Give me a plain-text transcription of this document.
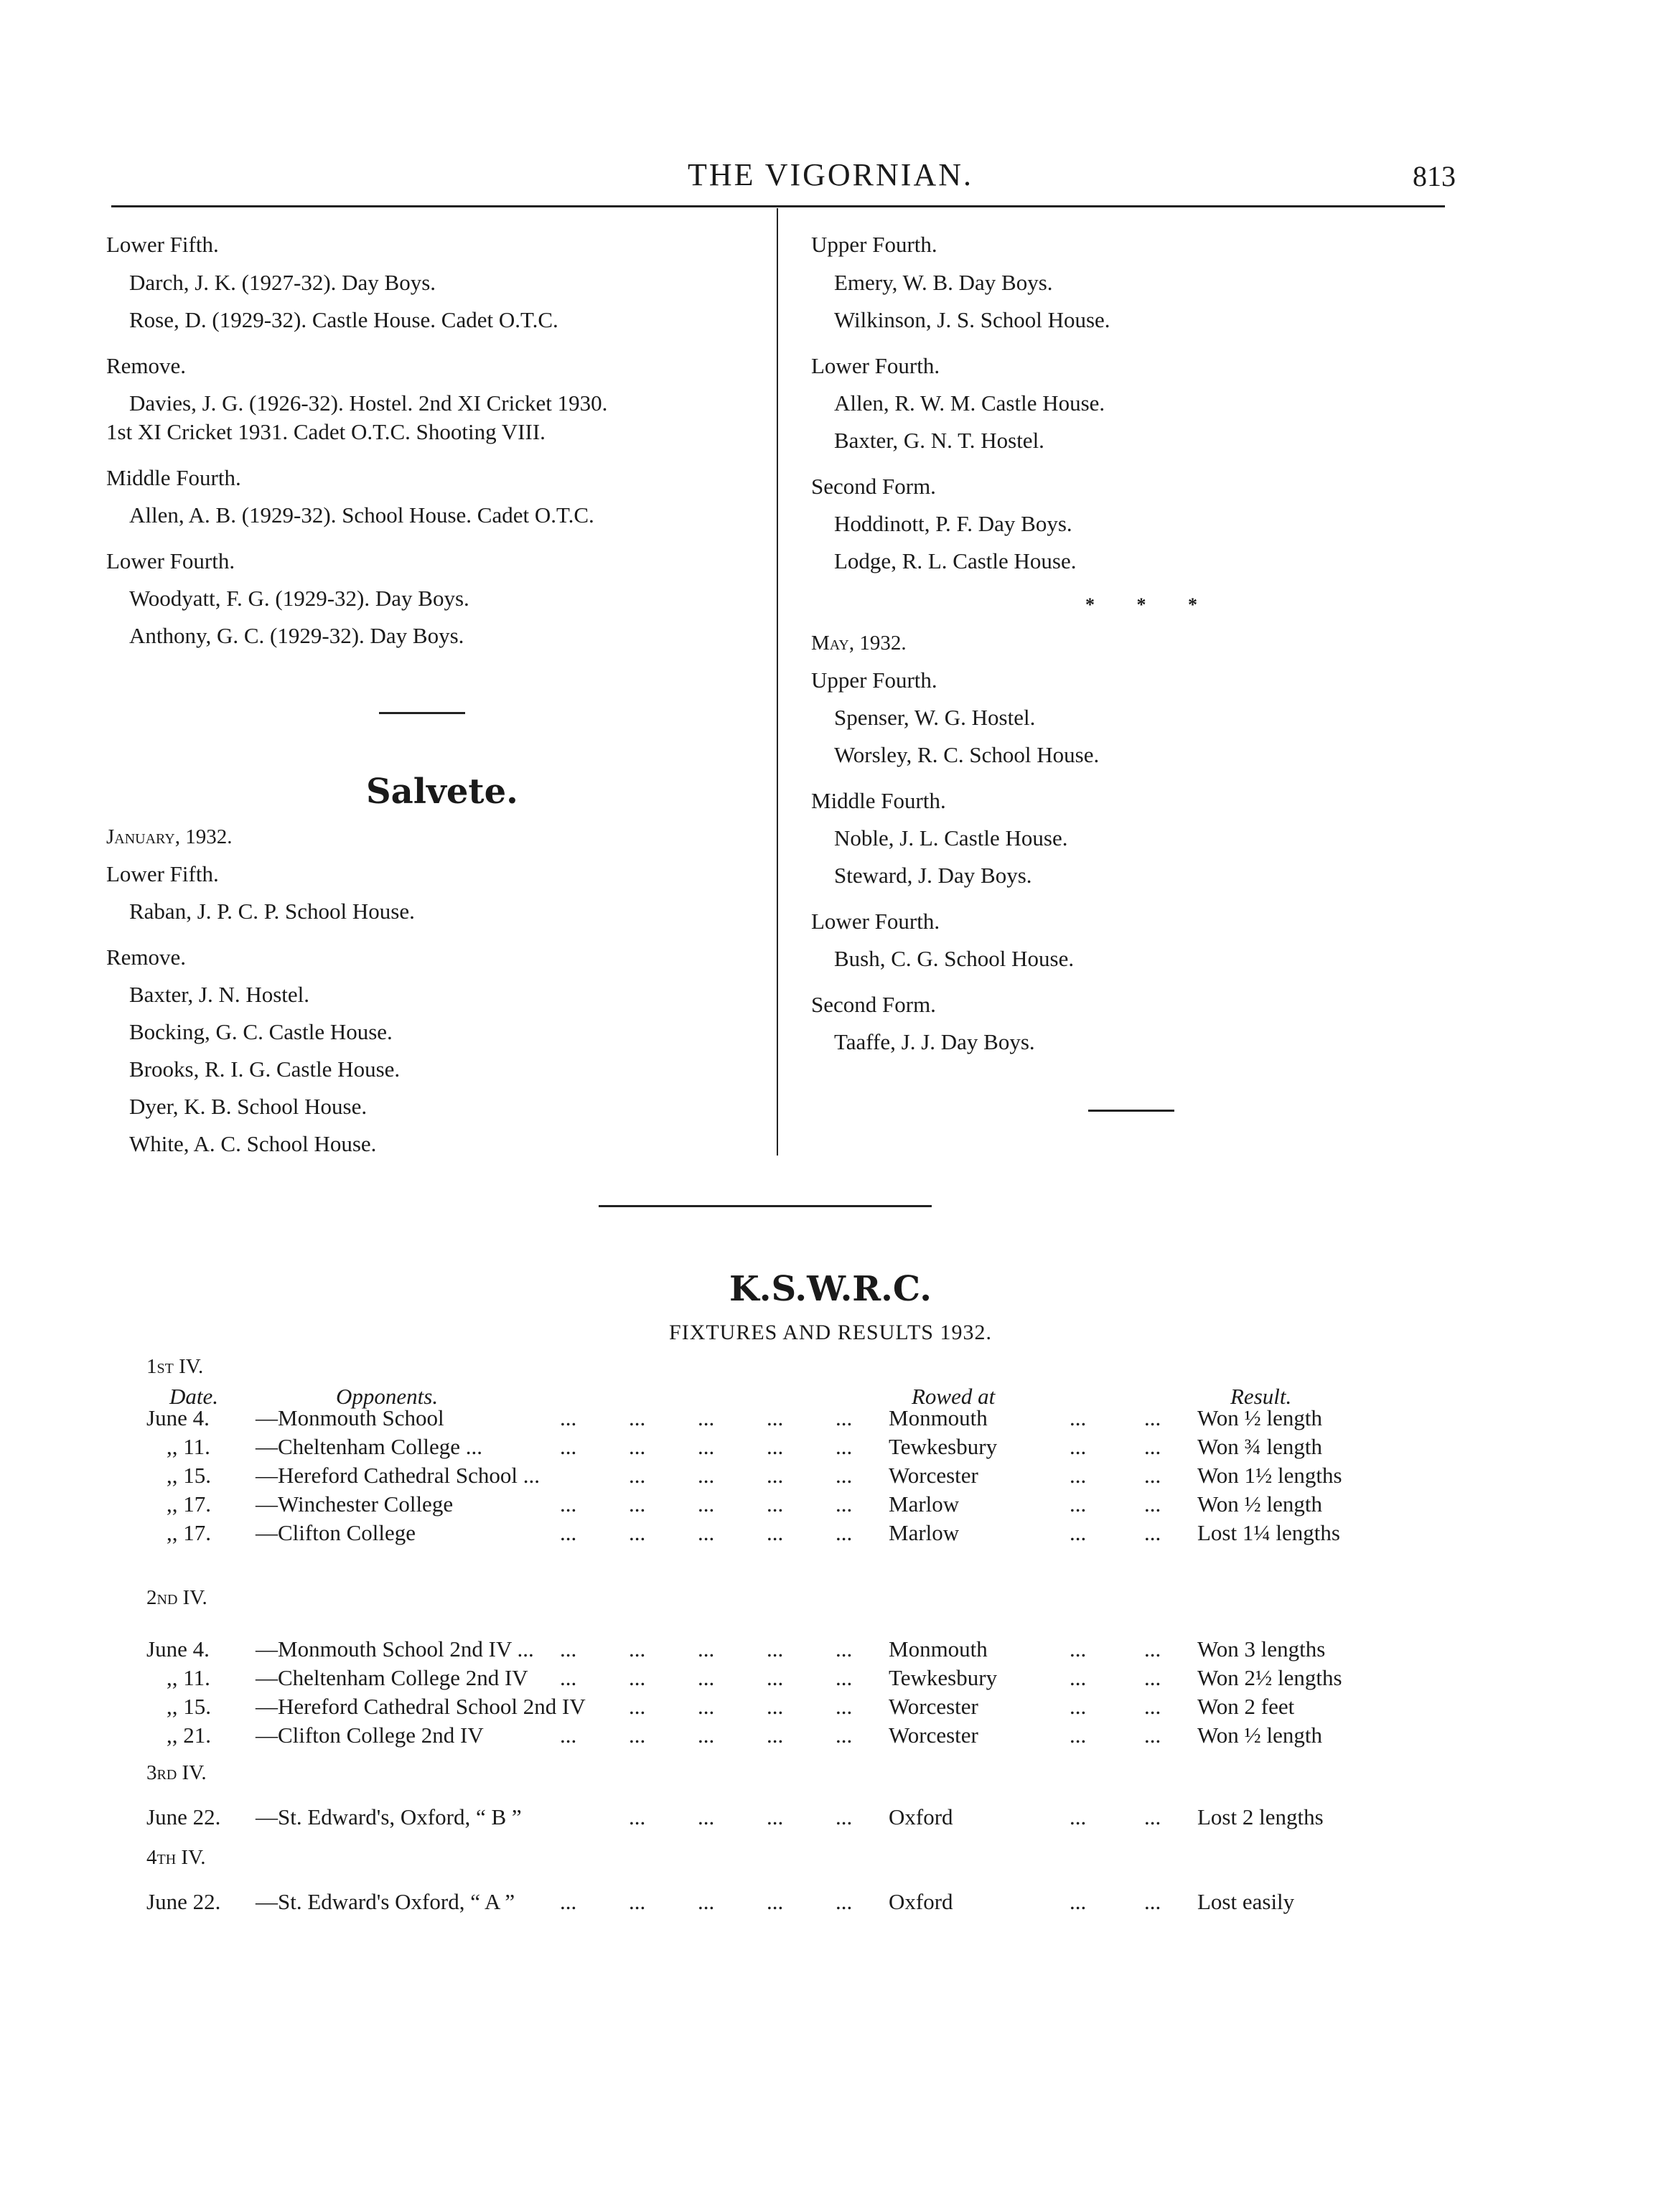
THE VIGORNIAN.	813
Lower Fifth.
Darch, J. K. (1927-32). Day Boys.
Rose, D. (1929-32). Castle House. Cadet O.T.C.
Remove.
Davies, J. G. (1926-32). Hostel. 2nd XI Cricket 1930.
1st XI Cricket 1931. Cadet O.T.C. Shooting VIII.
Middle Fourth.
Allen, A. B. (1929-32). School House. Cadet O.T.C.
Lower Fourth.
Woodyatt, F. G. (1929-32). Day Boys.
Anthony, G. C. (1929-32). Day Boys.
Salvete.
January, 1932.
Lower Fifth.
Raban, J. P. C. P. School House.
Remove.
Baxter, J. N. Hostel.
Bocking, G. C. Castle House.
Brooks, R. I. G. Castle House.
Dyer, K. B. School House.
White, A. C. School House.
Upper Fourth.
Emery, W. B. Day Boys.
Wilkinson, J. S. School House.
Lower Fourth.
Allen, R. W. M. Castle House.
Baxter, G. N. T. Hostel.
Second Form.
Hoddinott, P. F. Day Boys.
Lodge, R. L. Castle House.
* * *
May, 1932.
Upper Fourth.
Spenser, W. G. Hostel.
Worsley, R. C. School House.
Middle Fourth.
Noble, J. L. Castle House.
Steward, J. Day Boys.
Lower Fourth.
Bush, C. G. School House.
Second Form.
Taaffe, J. J. Day Boys.
K.S.W.R.C.
FIXTURES AND RESULTS 1932.
Date.	Opponents.	Rowed at	Result.
1st IV.
June 4. —Monmouth School	... ... ... ... ... Monmouth	...	... Won ½ length
,, 11. —Cheltenham College ...	... ... ... ... ... Tewkesbury	...	... Won ¾ length
,, 15. —Hereford Cathedral School ...	... ... ... ... Worcester	...	... Won 1½ lengths
,, 17. —Winchester College	... ... ... ... ... Marlow	...	... Won ½ length
,, 17. —Clifton College	... ... ... ... ... Marlow	...	... Lost 1¼ lengths
2nd IV.
June 4. —Monmouth School 2nd IV ... ... ... ... ... ... Monmouth	...	... Won 3 lengths
,, 11. —Cheltenham College 2nd IV ... ... ... ... ... Tewkesbury	...	... Won 2½ lengths
,, 15. —Hereford Cathedral School 2nd IV ... ... ... ... Worcester	...	... Won 2 feet
,, 21. —Clifton College 2nd IV	... ... ... ... ... Worcester	...	... Won ½ length
3rd IV.
June 22. —St. Edward's, Oxford, “ B ”	... ... ... ... Oxford	...	... Lost 2 lengths
4th IV.
June 22. —St. Edward's Oxford, “ A ” ... ... ... ... ... Oxford	...	... Lost easily
